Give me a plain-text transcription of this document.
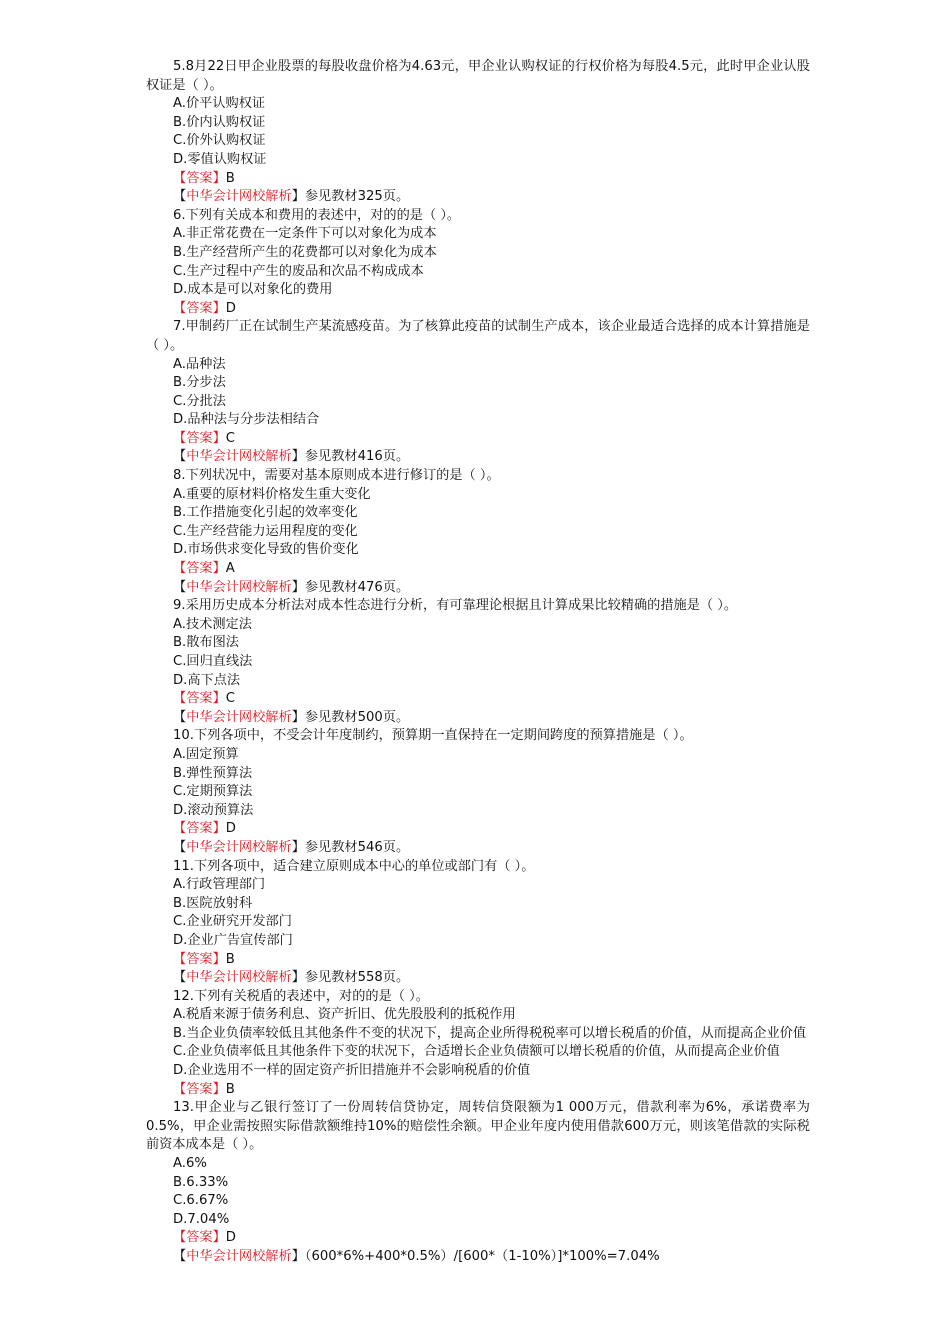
5.8月22日甲企业股票的每股收盘价格为4.63元，甲企业认购权证的行权价格为每股4.5元，此时甲企业认股权证是（ ）。
A.价平认购权证
B.价内认购权证
C.价外认购权证
D.零值认购权证
【答案】B
【中华会计网校解析】参见教材325页。
6.下列有关成本和费用的表述中，对的的是（ ）。
A.非正常花费在一定条件下可以对象化为成本
B.生产经营所产生的花费都可以对象化为成本
C.生产过程中产生的废品和次品不构成成本
D.成本是可以对象化的费用
【答案】D
7.甲制药厂正在试制生产某流感疫苗。为了核算此疫苗的试制生产成本，该企业最适合选择的成本计算措施是（ ）。
A.品种法
B.分步法
C.分批法
D.品种法与分步法相结合
【答案】C
【中华会计网校解析】参见教材416页。
8.下列状况中，需要对基本原则成本进行修订的是（ ）。
A.重要的原材料价格发生重大变化
B.工作措施变化引起的效率变化
C.生产经营能力运用程度的变化
D.市场供求变化导致的售价变化
【答案】A
【中华会计网校解析】参见教材476页。
9.采用历史成本分析法对成本性态进行分析，有可靠理论根据且计算成果比较精确的措施是（ ）。
A.技术测定法
B.散布图法
C.回归直线法
D.高下点法
【答案】C
【中华会计网校解析】参见教材500页。
10.下列各项中，不受会计年度制约，预算期一直保持在一定期间跨度的预算措施是（ ）。
A.固定预算
B.弹性预算法
C.定期预算法
D.滚动预算法
【答案】D
【中华会计网校解析】参见教材546页。
11.下列各项中，适合建立原则成本中心的单位或部门有（ ）。
A.行政管理部门
B.医院放射科
C.企业研究开发部门
D.企业广告宣传部门
【答案】B
【中华会计网校解析】参见教材558页。
12.下列有关税盾的表述中，对的的是（ ）。
A.税盾来源于债务利息、资产折旧、优先股股利的抵税作用
B.当企业负债率较低且其他条件不变的状况下，提高企业所得税税率可以增长税盾的价值，从而提高企业价值
C.企业负债率低且其他条件下变的状况下，合适增长企业负债额可以增长税盾的价值，从而提高企业价值
D.企业选用不一样的固定资产折旧措施并不会影响税盾的价值
【答案】B
13.甲企业与乙银行签订了一份周转信贷协定，周转信贷限额为1 000万元，借款利率为6%，承诺费率为0.5%，甲企业需按照实际借款额维持10%的赔偿性余额。甲企业年度内使用借款600万元，则该笔借款的实际税前资本成本是（ ）。
A.6%
B.6.33%
C.6.67%
D.7.04%
【答案】D
【中华会计网校解析】（600*6%+400*0.5%）/[600*（1-10%）]*100%=7.04%
